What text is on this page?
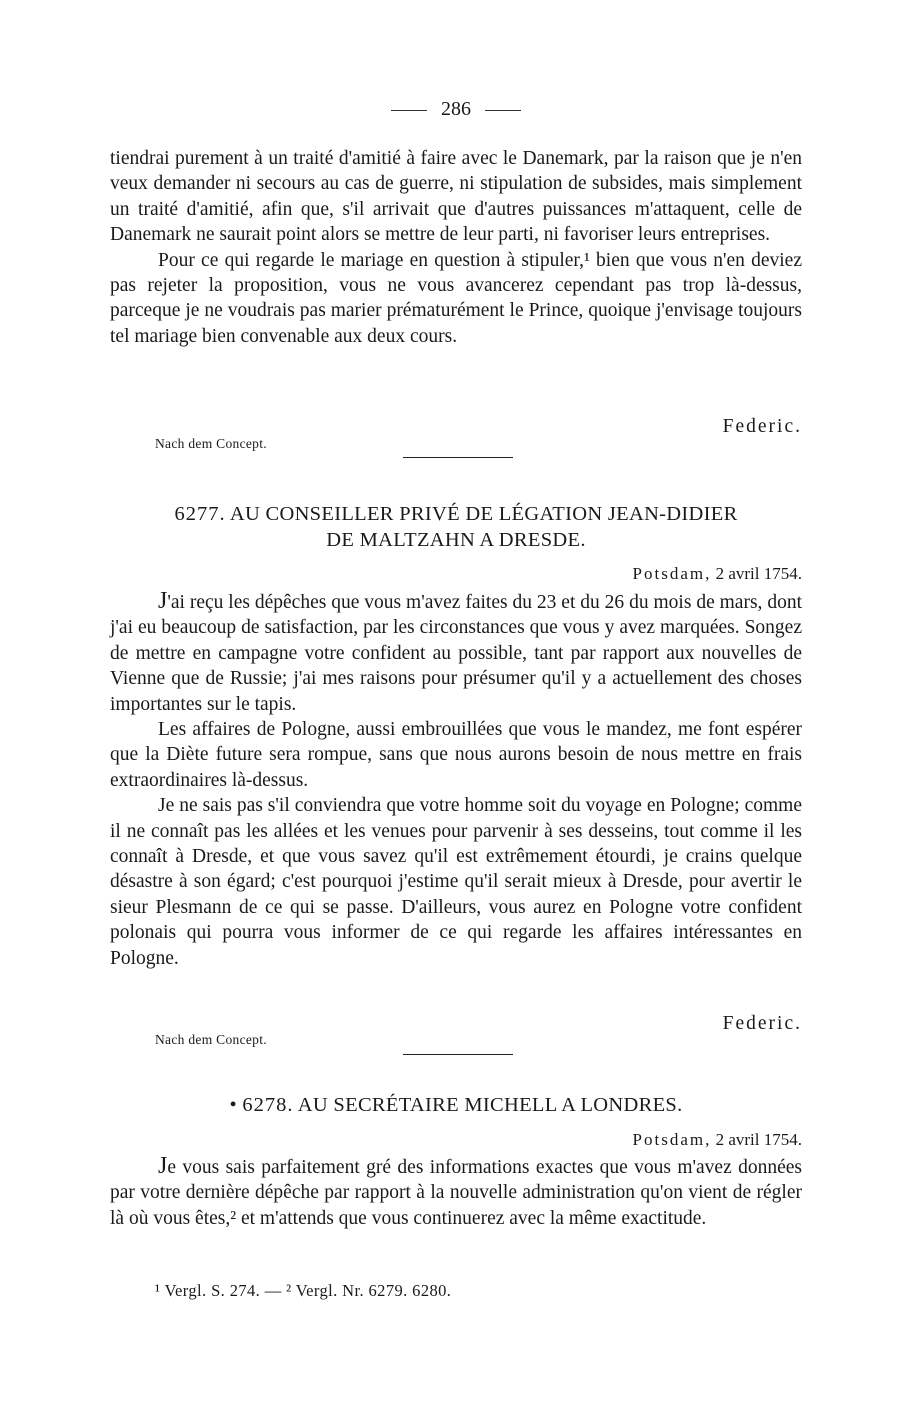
286

tiendrai purement à un traité d'amitié à faire avec le Danemark, par la raison que je n'en veux demander ni secours au cas de guerre, ni stipulation de subsides, mais simplement un traité d'amitié, afin que, s'il arrivait que d'autres puissances m'attaquent, celle de Danemark ne saurait point alors se mettre de leur parti, ni favoriser leurs entreprises.

Pour ce qui regarde le mariage en question à stipuler,¹ bien que vous n'en deviez pas rejeter la proposition, vous ne vous avancerez cependant pas trop là-dessus, parceque je ne voudrais pas marier prématurément le Prince, quoique j'envisage toujours tel mariage bien convenable aux deux cours.

Federic.
Nach dem Concept.
6277. AU CONSEILLER PRIVÉ DE LÉGATION JEAN-DIDIER
DE MALTZAHN A DRESDE.
Potsdam, 2 avril 1754.

J'ai reçu les dépêches que vous m'avez faites du 23 et du 26 du mois de mars, dont j'ai eu beaucoup de satisfaction, par les circonstances que vous y avez marquées. Songez de mettre en campagne votre confident au possible, tant par rapport aux nouvelles de Vienne que de Russie; j'ai mes raisons pour présumer qu'il y a actuellement des choses importantes sur le tapis.

Les affaires de Pologne, aussi embrouillées que vous le mandez, me font espérer que la Diète future sera rompue, sans que nous aurons besoin de nous mettre en frais extraordinaires là-dessus.

Je ne sais pas s'il conviendra que votre homme soit du voyage en Pologne; comme il ne connaît pas les allées et les venues pour parvenir à ses desseins, tout comme il les connaît à Dresde, et que vous savez qu'il est extrêmement étourdi, je crains quelque désastre à son égard; c'est pourquoi j'estime qu'il serait mieux à Dresde, pour avertir le sieur Plesmann de ce qui se passe. D'ailleurs, vous aurez en Pologne votre confident polonais qui pourra vous informer de ce qui regarde les affaires intéressantes en Pologne.

Federic.
Nach dem Concept.
• 6278. AU SECRÉTAIRE MICHELL A LONDRES.
Potsdam, 2 avril 1754.

Je vous sais parfaitement gré des informations exactes que vous m'avez données par votre dernière dépêche par rapport à la nouvelle administration qu'on vient de régler là où vous êtes,² et m'attends que vous continuerez avec la même exactitude.

¹ Vergl. S. 274. — ² Vergl. Nr. 6279. 6280.
